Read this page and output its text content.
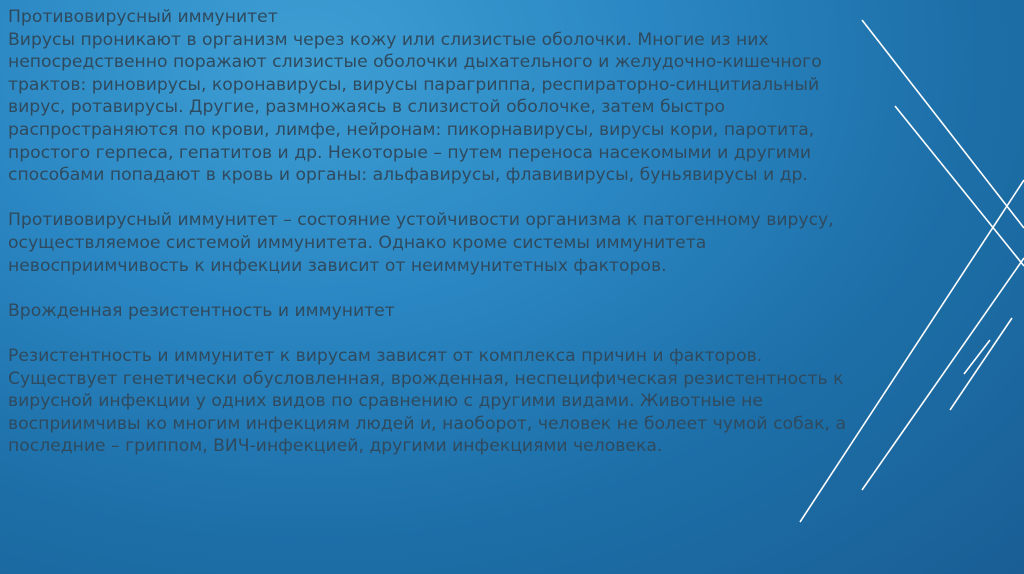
Противовирусный иммунитет

Вирусы проникают в организм через кожу или слизистые оболочки. Многие из них
непосредственно поражают слизистые оболочки дыхательного и желудочно-кишечного
трактов: риновирусы, коронавирусы, вирусы парагриппа, респираторно-синцитиальный
вирус, ротавирусы. Другие, размножаясь в слизистой оболочке, затем быстро
распространяются по крови, лимфе, нейронам: пикорнавирусы, вирусы кори, паротита,
простого герпеса, гепатитов и др. Некоторые – путем переноса насекомыми и другими
способами попадают в кровь и органы: альфавирусы, флавивирусы, буньявирусы и др.

Противовирусный иммунитет – состояние устойчивости организма к патогенному вирусу,
осуществляемое системой иммунитета. Однако кроме системы иммунитета
невосприимчивость к инфекции зависит от неиммунитетных факторов.

Врожденная резистентность и иммунитет

Резистентность и иммунитет к вирусам зависят от комплекса причин и факторов.
Существует генетически обусловленная, врожденная, неспецифическая резистентность к
вирусной инфекции у одних видов по сравнению с другими видами. Животные не
восприимчивы ко многим инфекциям людей и, наоборот, человек не болеет чумой собак, а
последние – гриппом, ВИЧ-инфекцией, другими инфекциями человека.
